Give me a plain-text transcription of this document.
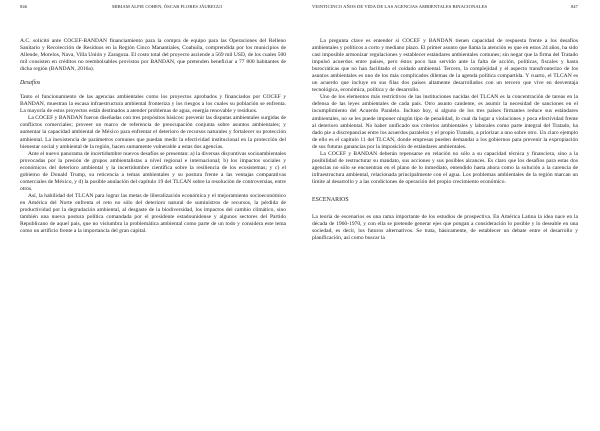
846	MIRIAM ALFIE COHEN, ÓSCAR FLORES JÁUREGUI

A.C. solicitó ante COCEF-BANDAN financiamiento para la compra de equipo para las Operaciones del Relleno Sanitario y Recolección de Residuos en la Región Cinco Manantiales, Coahuila, comprendida por los municipios de Allende, Morelos, Nava, Villa Unión y Zaragoza. El costo total del proyecto asciende a 569 mil USD, de los cuales 500 mil consisten en créditos no reembolsables provistos por BANDAN, que pretenden beneficiar a 77 800 habitantes de dicha región (BANDAN, 2016a).

Desafíos

Tanto el funcionamiento de las agencias ambientales como los proyectos aprobados y financiados por COCEF y BANDAN, muestran la escasa infraestructura ambiental fronteriza y los riesgos a los cuales su población se enfrenta. La mayoría de estos proyectos están destinados a atender problemas de agua, energía renovable y residuos.

La COCEF y BANDAN fueron diseñadas con tres propósitos básicos: prevenir las disputas ambientales surgidas de conflictos comerciales; proveer un marco de referencia de preocupación conjunta sobre asuntos ambientales; y aumentar la capacidad ambiental de México para enfrentar el deterioro de recursos naturales y fortalecer su protección ambiental. La inexistencia de parámetros comunes que puedan medir la efectividad institucional en la protección del bienestar social y ambiental de la región, hacen sumamente vulnerable a estas dos agencias.

Ante el nuevo panorama de incertidumbre nuevos desafíos se presentan: a) la diversas disyuntivas socioambientales provocadas por la presión de grupos ambientalistas a nivel regional e internacional; b) los impactos sociales y económicos del deterioro ambiental y la incertidumbre científica sobre la resiliencia de los ecosistemas; y c) el gobierno de Donald Trump, su reticencia a temas ambientales y su postura frente a las ventajas comparativas comerciales de México, y d) la posible anulación del capítulo 19 del TLCAN sobre la resolución de controversias, entre otros.

Así, la habilidad del TLCAN para lograr las metas de liberalización económica y el mejoramiento socioeconómico en América del Norte enfrenta el reto no sólo del deterioro natural de suministros de recursos, la pérdida de productividad por la degradación ambiental, al desgaste de la biodiversidad, los impactos del cambio climático, sino también una nueva postura política comandada por el presidente estadounidense y algunos sectores del Partido Republicano de aquel país, que no vislumbra la problemática ambiental como parte de un todo y considera este tema como un artificio frente a la importancia del gran capital.

VEINTICINCO AÑOS DE VIDA DE LAS AGENCIAS AMBIENTALES BINACIONALES	847

La pregunta clave es entender si COCEF y BANDAN tienen capacidad de respuesta frente a los desafíos ambientales y políticos a corto y mediano plazo. El primer asunto que llama la atención es que en estos 24 años, ha sido casi imposible armonizar regulaciones y establecer estándares ambientales comunes; sin negar que la firma del Tratado impulsó acuerdos entre países, pero éstos poco han servido ante la falta de acción, políticas, fiscales y hasta burocráticas que no han facilitado el cuidado ambiental. Tercero, la complejidad y el aspecto transfronterizo de los asuntos ambientales es uno de los más complicados dilemas de la agenda política compartida. Y cuarto, el TLCAN es un acuerdo que incluye en sus filas dos países altamente desarrollados con un tercero que vive en desventaja tecnológica, económica, política y de desarrollo.

Uno de los elementos más restrictivos de las instituciones nacidas del TLCAN es la concentración de tareas en la defensa de las leyes ambientales de cada país. Otro asunto candente, es asumir la necesidad de sanciones en el incumplimiento del Acuerdo Paralelo. Incluso hoy, si alguno de los tres países firmantes reduce sus estándares ambientales, no se les puede imponer ningún tipo de penalidad, lo cual da lugar a violaciones y poca efectividad frente al deterioro ambiental. No haber unificado sus criterios ambientales y laborales como parte integral del Tratado, ha dado pie a discrepancias entre los acuerdos paralelos y el propio Tratado, a priorizar a uno sobre otro. Un claro ejemplo de ello es el capítulo 11 del TLCAN, donde empresas pueden demandar a los gobiernos para prevenir la expropiación de sus futuras ganancias por la imposición de estándares ambientales.

La COCEF y BANDAN deberán repensarse en relación no sólo a su capacidad técnica y financiera, sino a la posibilidad de restructurar su mandato, sus acciones y sus posibles alcances. Es claro que los desafíos para estas dos agencias no sólo se encuentran en el plano de lo inmediato, entendido hasta ahora como la solución a la carencia de infraestructura ambiental, relacionada principalmente con el agua. Los problemas ambientales de la región marcan un límite al desarrollo y a las condiciones de operación del propio crecimiento económico.

ESCENARIOS

La teoría de escenarios es una rama importante de los estudios de prospectiva. En América Latina la idea nace en la década de 1960-1970, y con ella se pretende generar ejes que pongan a consideración lo posible y lo deseable en una sociedad, es decir, los futuros alternativos. Se trata, básicamente, de establecer un debate entre el desarrollo y planificación, así como buscar la
